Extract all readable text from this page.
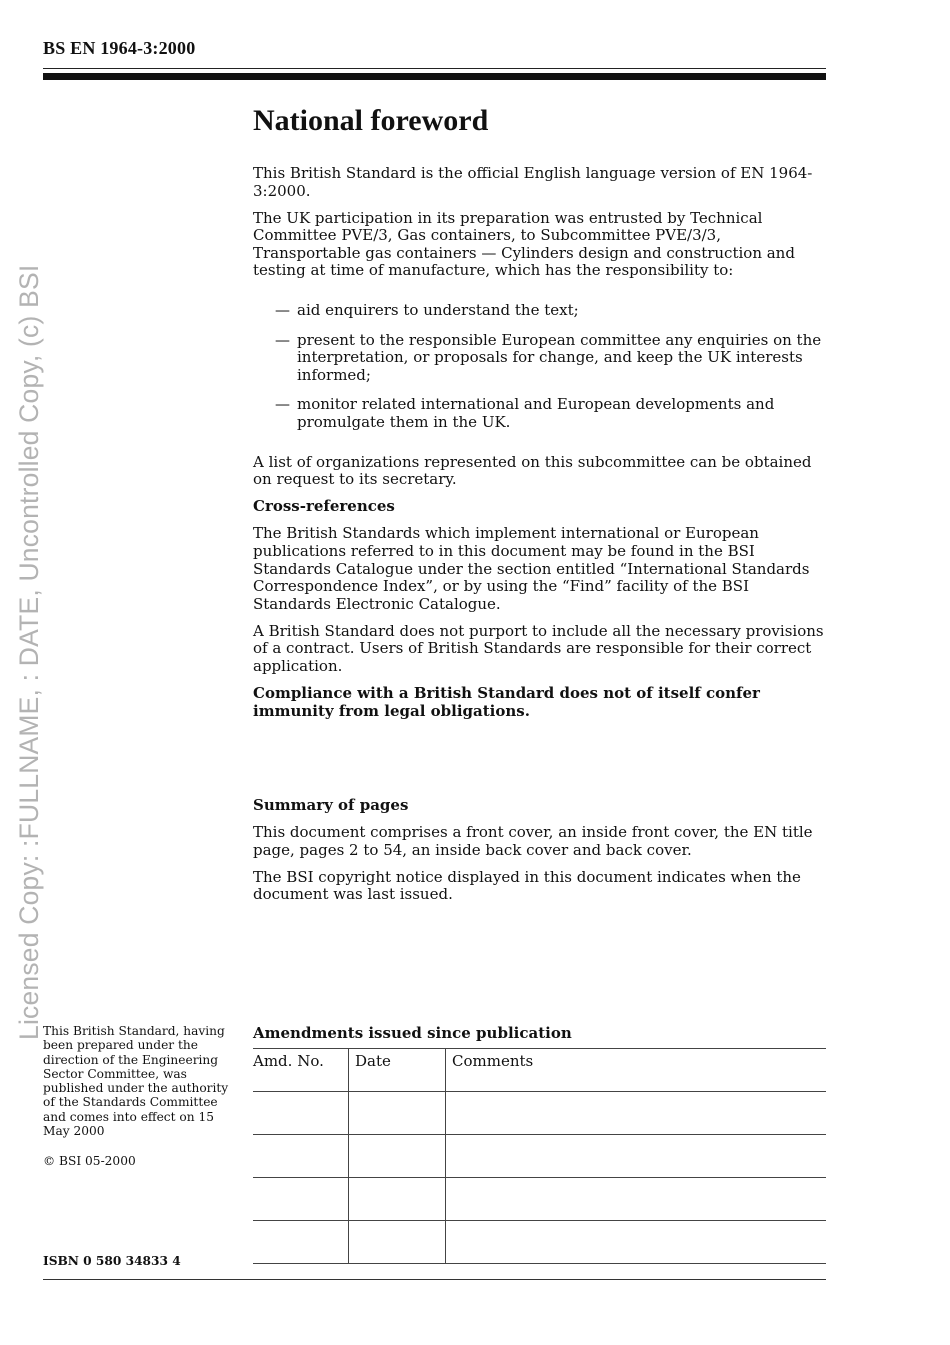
Licensed Copy: :FULLNAME, : DATE, Uncontrolled Copy, (c) BSI
BS EN 1964-3:2000
National foreword

This British Standard is the official English language version of EN 1964-3:2000.

The UK participation in its preparation was entrusted by Technical Committee PVE/3, Gas containers, to Subcommittee PVE/3/3, Transportable gas containers — Cylinders design and construction and testing at time of manufacture, which has the responsibility to:

— aid enquirers to understand the text;
— present to the responsible European committee any enquiries on the interpretation, or proposals for change, and keep the UK interests informed;
— monitor related international and European developments and promulgate them in the UK.

A list of organizations represented on this subcommittee can be obtained on request to its secretary.

Cross-references

The British Standards which implement international or European publications referred to in this document may be found in the BSI Standards Catalogue under the section entitled “International Standards Correspondence Index”, or by using the “Find” facility of the BSI Standards Electronic Catalogue.

A British Standard does not purport to include all the necessary provisions of a contract. Users of British Standards are responsible for their correct application.

Compliance with a British Standard does not of itself confer immunity from legal obligations.

Summary of pages

This document comprises a front cover, an inside front cover, the EN title page, pages 2 to 54, an inside back cover and back cover.

The BSI copyright notice displayed in this document indicates when the document was last issued.

This British Standard, having been prepared under the direction of the Engineering Sector Committee, was published under the authority of the Standards Committee and comes into effect on 15 May 2000
© BSI 05-2000
ISBN 0 580 34833 4
Amendments issued since publication
Amd. No.	Date	Comments
